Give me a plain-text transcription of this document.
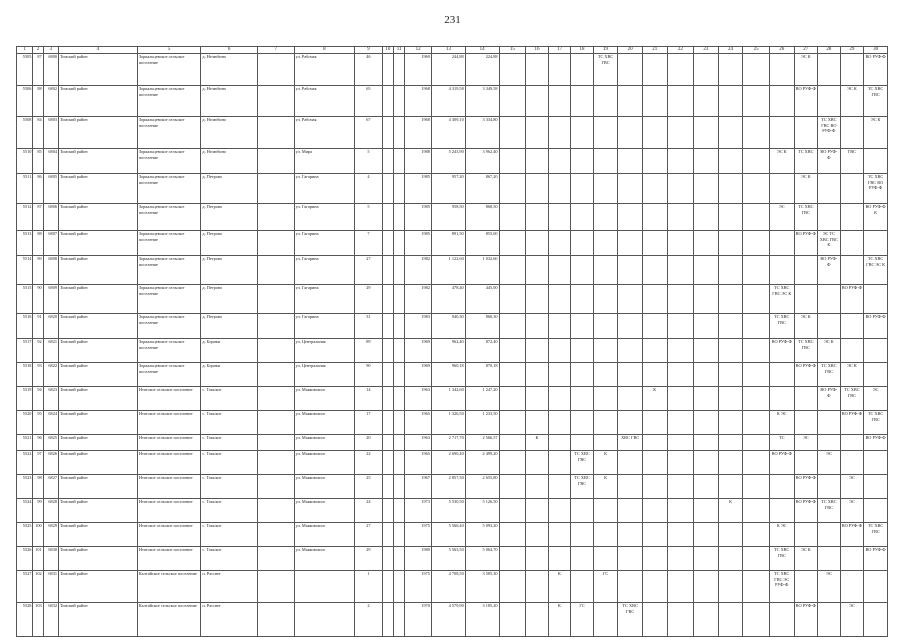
231
1	2	3	4	5	6	7	8	9	10	11	12	13	14	15	16	17	18	19	20	21	22	23	24	25	26	27	28	29	30
5505	87	6800	Томский район	Зоркальцевское сельское поселение	д. Нелюбино		ул. Рабочая	46			1969	244,88	224,88					ТС ХВС ГВС								ЭС К			ВО РУФ-Ф
5506	88	6802	Томский район	Зоркальцевское сельское поселение	д. Нелюбино		ул. Рабочая	65			1968	4 319,58	3 349,58													ВО РУФ-Ф		ЭС К	ТС ХВС ГВС
5508	84	6803	Томский район	Зоркальцевское сельское поселение	д. Нелюбино		ул. Рабочая	67			1968	4 309,10	3 334,80														ТС ХВС ГВС ВО РУФ-Ф		ЭС К
5510	85	6804	Томский район	Зоркальцевское сельское поселение	д. Нелюбино		ул. Мира	5			1988	5 243,90	3 962,40												ЭС К	ТС ХВС	ВО РУФ-Ф	ГВС	
5511	86	6805	Томский район	Зоркальцевское сельское поселение	д. Петрово		ул. Гагарина	4			1985	957,20	867,20													ЭС К			ТС ХВС ГВС ВО РУФ-Ф
5512	87	6806	Томский район	Зоркальцевское сельское поселение	д. Петрово		ул. Гагарина	5			1985	958,50	868,50												ЭС	ТС ХВС ГВС			ВО РУФ-Ф К
5513	88	6807	Томский район	Зоркальцевское сельское поселение	д. Петрово		ул. Гагарина	7			1985	891,50	855,00													ВО РУФ-Ф	ЭС ТС ХВС ГВС К		
5514	89	6808	Томский район	Зоркальцевское сельское поселение	д. Петрово		ул. Гагарина	27			1982	1 122,60	1 032,60														ВО РУФ-Ф		ТС ХВС ГВС ЭС К
5515	90	6809	Томский район	Зоркальцевское сельское поселение	д. Петрово		ул. Гагарина	29			1982	478,40	445,00												ТС ХВС ГВС ЭС К			ВО РУФ-Ф	
5516	91	6820	Томский район	Зоркальцевское сельское поселение	д. Петрово		ул. Гагарина	31			1983	940,30	868,30												ТС ХВС ГВС	ЭС К			ВО РУФ-Ф
5517	92	6821	Томский район	Зоркальцевское сельское поселение	д. Борики		ул. Центральная	89			1969	962,40	872,40												ВО РУФ-Ф	ТС ХВС ГВС	ЭС К		
5518	93	6822	Томский район	Зоркальцевское сельское поселение	д. Борики		ул. Центральная	90			1969	960,18	870,18													ВО РУФ-Ф	ТС ХВС ГВС	ЭС К	
5519	94	6823	Томский район	Итатское сельское поселение	с. Томское		ул. Маяковского	14			1963	1 342,60	1 247,20							К							ВО РУФ-Ф	ТС ХВС ГВС	ЭС
5520	95	6824	Томский район	Итатское сельское поселение	с. Томское		ул. Маяковского	17			1965	1 326,50	1 233,50												К ЭС			ВО РУФ-Ф	ТС ХВС ГВС
5521	96	6825	Томский район	Итатское сельское поселение	с. Томское		ул. Маяковского	20			1963	2 717,70	2 566,57		К				ХВС ГВС						ТС	ЭС			ВО РУФ-Ф
5522	97	6826	Томский район	Итатское сельское поселение	с. Томское		ул. Маяковского	22			1965	2 690,40	2 499,20				ТС ХВС ГВС	К							ВО РУФ-Ф		ЭС		
5523	98	6827	Томский район	Итатское сельское поселение	с. Томское		ул. Маяковского	25			1967	2 857,50	2 655,80				ТС ХВС ГВС	К								ВО РУФ-Ф		ЭС	
5524	99	6828	Томский район	Итатское сельское поселение	с. Томское		ул. Маяковского	24			1973	5 530,50	5 126,50										К			ВО РУФ-Ф	ТС ХВС ГВС	ЭС	
5525	100	6829	Томский район	Итатское сельское поселение	с. Томское		ул. Маяковского	27			1975	5 566,40	5 093,20												К ЭС			ВО РУФ-Ф	ТС ХВС ГВС
5526	101	6830	Томский район	Итатское сельское поселение	с. Томское		ул. Маяковского	29			1980	5 563,50	5 064,70												ТС ХВС ГВС	ЭС К			ВО РУФ-Ф
5527	102	6831	Томский район	Калтайское сельское поселение	п. Рассвет			1			1975	4 708,50	3 585,30			К		ГС							ТС ХВС ГВС ЭС РУФ-Ф		ЭС		
5528	103	6832	Томский район	Калтайское сельское поселение	п. Рассвет			2			1970	4 579,90	3 185,20			К	ГС		ТС ХВС ГВС							ВО РУФ-Ф		ЭС	
